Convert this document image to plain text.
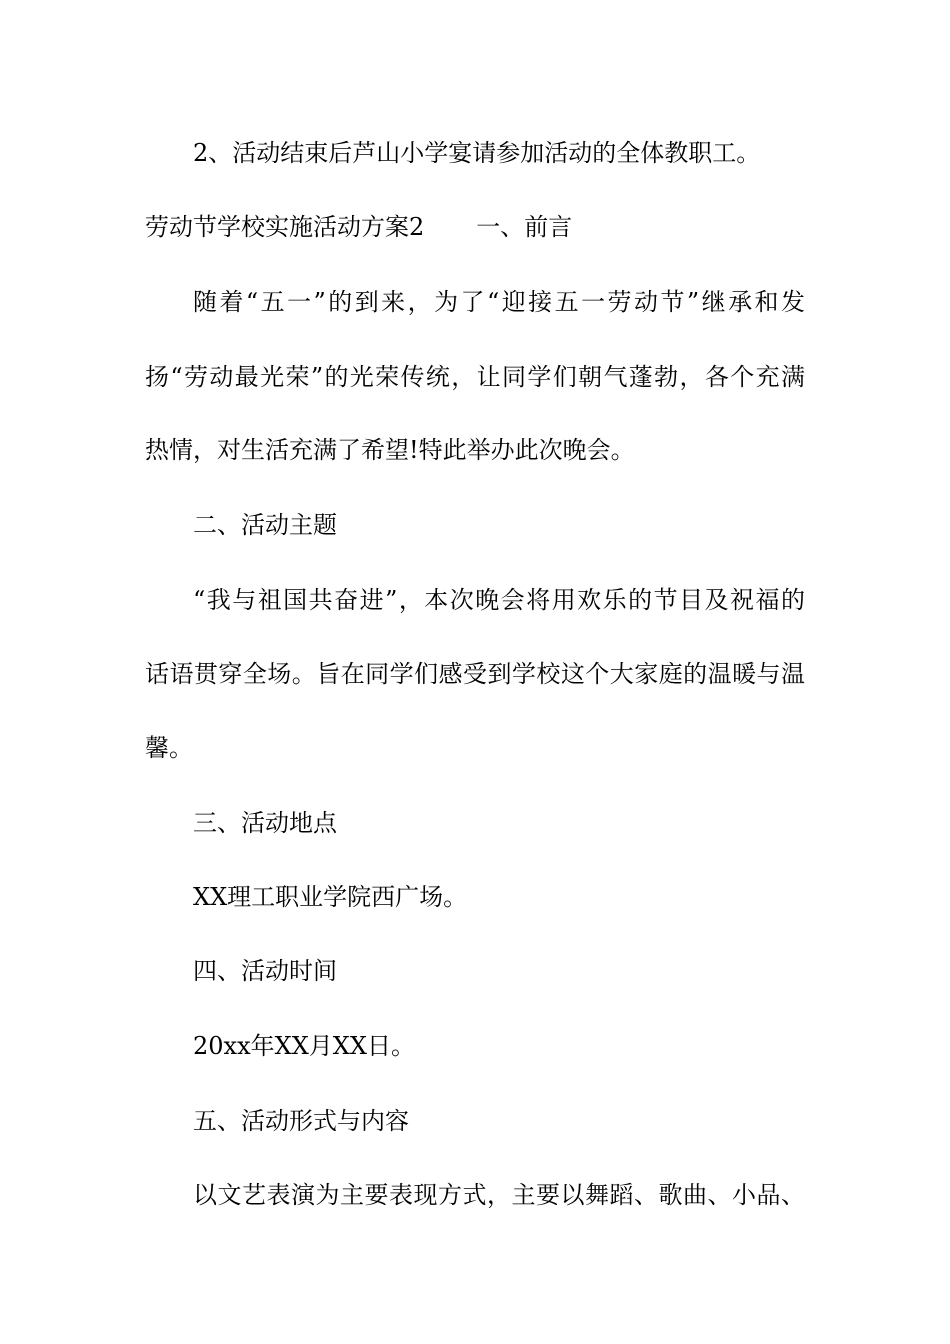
2、活动结束后芦山小学宴请参加活动的全体教职工。
劳动节学校实施活动方案2 一、前言
随着“五一”的到来，为了“迎接五一劳动节”继承和发
扬“劳动最光荣”的光荣传统，让同学们朝气蓬勃，各个充满
热情，对生活充满了希望!特此举办此次晚会。
二、活动主题
“我与祖国共奋进”，本次晚会将用欢乐的节目及祝福的
话语贯穿全场。旨在同学们感受到学校这个大家庭的温暖与温
馨。
三、活动地点
XX理工职业学院西广场。
四、活动时间
20xx年XX月XX日。
五、活动形式与内容
以文艺表演为主要表现方式，主要以舞蹈、歌曲、小品、
